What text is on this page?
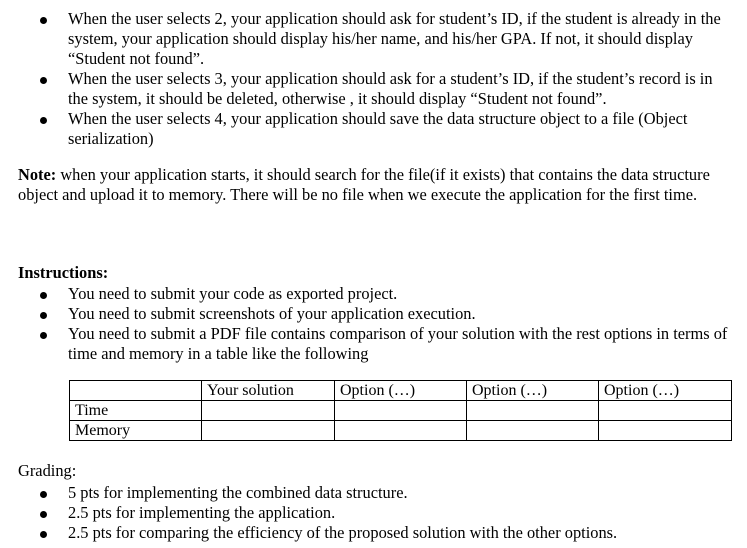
When the user selects 2, your application should ask for student’s ID, if the student is already in the system, your application should display his/her name, and his/her GPA. If not, it should display “Student not found”.
When the user selects 3, your application should ask for a student’s ID, if the student’s record is in the system, it should be deleted, otherwise , it should display “Student not found”.
When the user selects 4, your application should save the data structure object to a file (Object serialization)

Note: when your application starts, it should search for the file(if it exists) that contains the data structure object and upload it to memory. There will be no file when we execute the application for the first time.

Instructions:

You need to submit your code as exported project.
You need to submit screenshots of your application execution.
You need to submit a PDF file contains comparison of your solution with the rest options in terms of time and memory in a table like the following
	Your solution	Option (…)	Option (…)	Option (…)
Time				
Memory				

Grading:

5 pts for implementing the combined data structure.
2.5 pts for implementing the application.
2.5 pts for comparing the efficiency of the proposed solution with the other options.
